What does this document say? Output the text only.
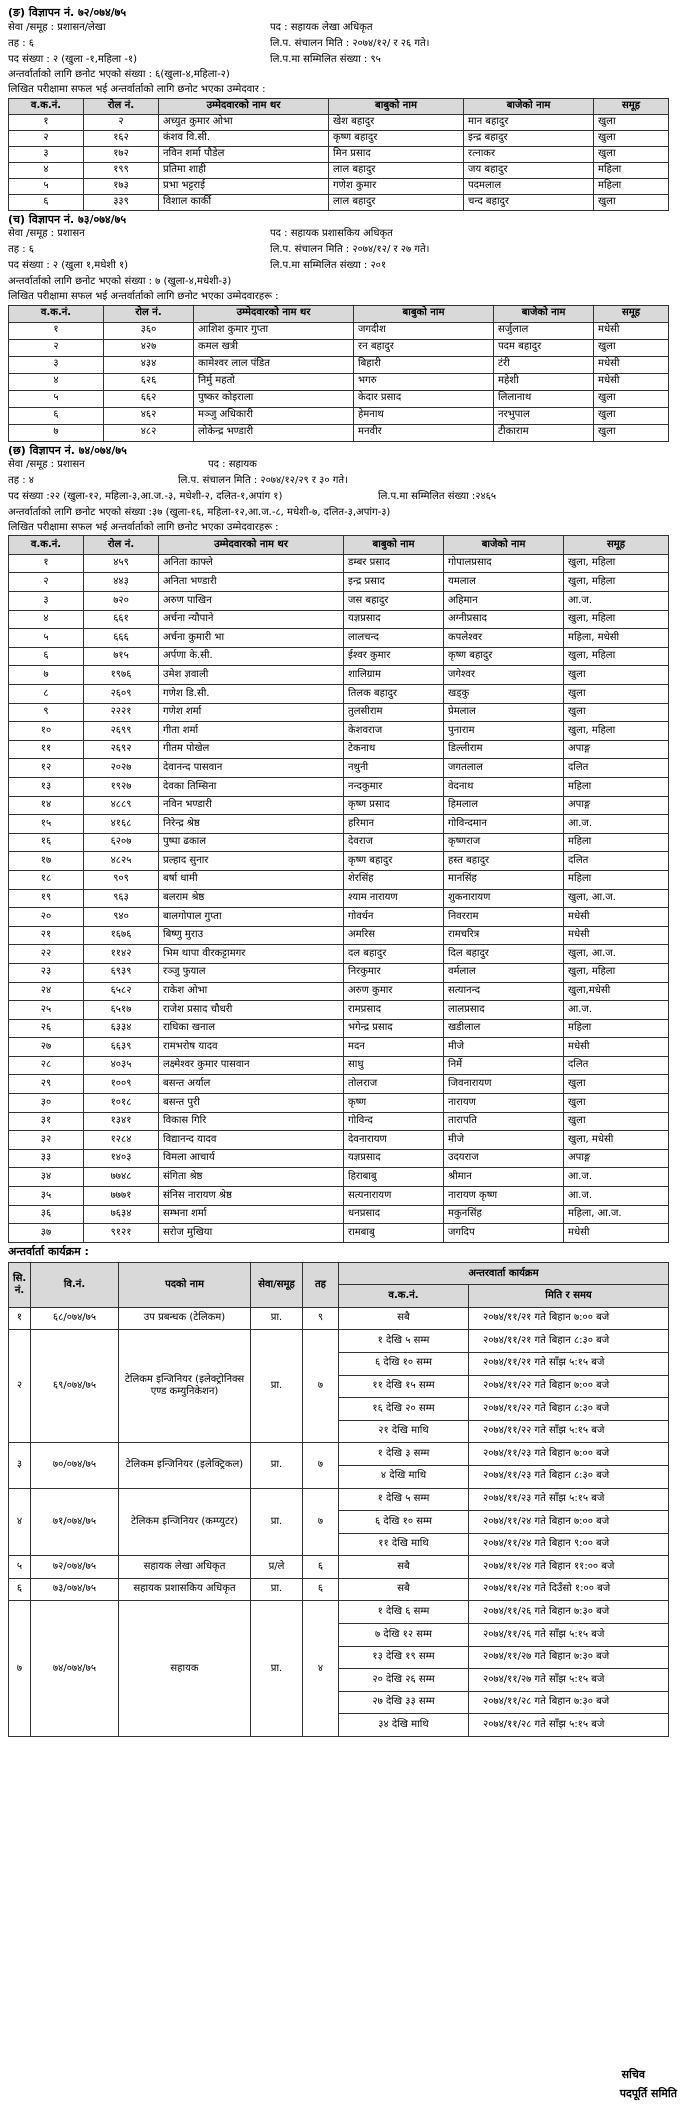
(ङ) विज्ञापन नं. ७२/०७४/७५
सेवा /समूह : प्रशासन/लेखा	पद : सहायक लेखा अधिकृत
तह : ६	लि.प. संचालन मिति : २०७४/१२/ र २६ गते।
पद संख्या : २ (खुला -१,महिला -१)	लि.प.मा सम्मिलित संख्या : ९५
अन्तर्वार्ताको लागि छनोट भएको संख्या : ६(खुला-४,महिला-२)
लिखित परीक्षामा सफल भई अन्तर्वार्ताको लागि छनोट भएका उम्मेदवार :
व.क.नं.	रोल नं.	उम्मेदवारको नाम थर	बाबुको नाम	बाजेको नाम	समूह
१	२	अच्युत कुमार ओभा	खेश बहादुर	मान बहादुर	खुला
२	१६२	कंशव वि.सी.	कृष्ण बहादुर	इन्द्र बहादुर	खुला
३	१७२	नविन शर्मा पौडेल	मिन प्रसाद	रत्नाकर	खुला
४	१९९	प्रतिमा शाही	लाल बहादुर	जय बहादुर	महिला
५	१७३	प्रभा भट्टराई	गणेश कुमार	पदमलाल	महिला
६	३३९	विशाल कार्की	लाल बहादुर	चन्द बहादुर	खुला
(च) विज्ञापन नं. ७३/०७४/७५
सेवा /समूह : प्रशासन	पद : सहायक प्रशासकिय अधिकृत
तह : ६	लि.प. संचालन मिति : २०७४/१२/ र २७ गते।
पद संख्या : २ (खुला १,मधेशी १)	लि.प.मा सम्मिलित संख्या : २०१
अन्तर्वार्ताको लागि छनोट भएको संख्या : ७ (खुला-४,मधेशी-३)
लिखित परीक्षामा सफल भई अन्तर्वार्ताको लागि छनोट भएका उम्मेदवारहरू :
व.क.नं.	रोल नं.	उम्मेदवारको नाम थर	बाबुको नाम	बाजेको नाम	समूह
१	३६०	आशिश कुमार गुप्ता	जगदीश	सर्जुलाल	मधेसी
२	४२७	कमल खत्री	रन बहादुर	पदम बहादुर	खुला
३	४३४	कामेश्वर लाल पंडित	बिहारी	टंरी	मधेसी
४	६२६	निर्मु महतो	भगरु	महेशी	मधेसी
५	६६२	पुष्कर कोइराला	केदार प्रसाद	लिलानाथ	खुला
६	४६२	मञ्जु अधिकारी	हेमनाथ	नरभुपाल	खुला
७	४८२	लोकेन्द्र भण्डारी	मनवीर	टीकाराम	खुला
(छ) विज्ञापन नं. ७४/०७४/७५
सेवा /समूह : प्रशासन	पद : सहायक
तह : ४	लि.प. संचालन मिति : २०७४/१२/२९ र ३० गते।
पद संख्या :२२ (खुला-१२, महिला-३,आ.ज.-३, मधेशी-२, दलित-१,अपांग १)	लि.प.मा सम्मिलित संख्या :२४६५
अन्तर्वार्ताको लागि छनोट भएको संख्या :३७ (खुला-१६, महिला-१२,आ.ज.-८, मधेशी-७, दलित-३,अपांग-३)
लिखित परीक्षामा सफल भई अन्तर्वार्ताको लागि छनोट भएका उम्मेदवारहरू :
व.क.नं.	रोल नं.	उम्मेदवारको नाम थर	बाबुको नाम	बाजेको नाम	समूह
१	४५९	अनिता काफ्ले	डम्बर प्रसाद	गोपालप्रसाद	खुला, महिला
२	४४३	अनिता भण्डारी	इन्द्र प्रसाद	यमलाल	खुला, महिला
३	७२०	अरुण पाखिन	जस बहादुर	अहिमान	आ.ज.
४	६६१	अर्चना न्यौपाने	यज्ञप्रसाद	अग्नीप्रसाद	खुला, महिला
५	६६६	अर्चना कुमारी भा	लालचन्द	कपलेश्वर	महिला, मधेसी
६	७१५	अर्पणा के.सी.	ईश्वर कुमार	कृष्ण बहादुर	खुला, महिला
७	१९७६	उमेश ज्ञवाली	शालिग्राम	जगेश्वर	खुला
८	२६०९	गणेश डि.सी.	तिलक बहादुर	खड्कु	खुला
९	२२२१	गणेश शर्मा	तुलसीराम	प्रेमलाल	खुला
१०	२६९९	गीता शर्मा	केशवराज	पुनाराम	खुला, महिला
११	२६९२	गीतम पोखेल	टेकनाथ	डिल्लीराम	अपाङ्ग
१२	२०२७	देवानन्द पासवान	नथुनी	जगतलाल	दलित
१३	१९२७	देवका तिम्सिना	नन्दकुमार	वेदनाथ	महिला
१४	४८८९	नविन भण्डारी	कृष्ण प्रसाद	हिमलाल	अपाङ्ग
१५	४१६८	निरेन्द्र श्रेष्ठ	हरिमान	गोविन्दमान	आ.ज.
१६	६२०७	पुष्पा ढकाल	देवराज	कृष्णराज	महिला
१७	४८२५	प्रल्हाद सुनार	कृष्ण बहादुर	हस्त बहादुर	दलित
१८	९०९	बर्षा धामी	शेरसिंह	मानसिंह	महिला
१९	९६३	बलराम श्रेष्ठ	श्याम नारायण	शुकनारायण	खुला, आ.ज.
२०	९४०	बालगोपाल गुप्ता	गोवर्धन	निवरराम	मधेसी
२१	१६७६	बिष्णु मुराउ	अमरिस	रामचरित्र	मधेसी
२२	११४२	भिम थापा वीरकट्टामगर	दल बहादुर	दिल बहादुर	खुला, आ.ज.
२३	६९३९	रञ्जु फुयाल	निरकुमार	वर्मलाल	खुला, महिला
२४	६५८२	राकेश ओभा	अरुण कुमार	सत्यानन्द	खुला,मधेसी
२५	६५१७	राजेश प्रसाद चौधरी	रामप्रसाद	लालप्रसाद	आ.ज.
२६	६३३४	राधिका खनाल	भगेन्द्र प्रसाद	खडीलाल	महिला
२७	६६३९	रामभरोष यादव	मदन	मीजे	मधेसी
२८	४०३५	लक्ष्मेश्वर कुमार पासवान	साधु	निर्मे	दलित
२९	१००९	बसन्त अर्याल	तोलराज	जिवनारायण	खुला
३०	१०१८	बसन्त पुरी	कृष्ण	नारायण	खुला
३१	१३४१	विकास गिरि	गोविन्द	तारापति	खुला
३२	१२८४	विद्यानन्द यादव	देवनारायण	मीजे	खुला, मधेसी
३३	१४०३	विमला आचार्य	यज्ञप्रसाद	उदयराज	अपाङ्ग
३४	७७४८	संगिता श्रेष्ठ	हिराबाबु	श्रीमान	आ.ज.
३५	७७७१	संनिस नारायण श्रेष्ठ	सत्यनारायण	नारायण कृष्ण	आ.ज.
३६	७६३४	सम्भना शर्मा	धनप्रसाद	मकुनसिंह	महिला, आ.ज.
३७	९१२१	सरोज मुखिया	रामबाबु	जगदिप	मधेसी
अन्तर्वार्ता कार्यक्रम :
सि. नं.	वि.नं.	पदको नाम	सेवा/समूह	तह	अन्तरवार्ता कार्यक्रम	
					व.क.नं.	मिति र समय
१	६८/०७४/७५	उप प्रबन्धक (टेलिकम)	प्रा.	९	सबै	२०७४/११/२१ गते बिहान ७:०० बजे
२	६९/०७४/७५	टेलिकम इन्जिनियर (इलेक्ट्रोनिक्स एण्ड कम्युनिकेशन)	प्रा.	७	१ देखि ५ सम्म	२०७४/११/२१ गते बिहान ८:३० बजे
					६ देखि १० सम्म	२०७४/११/२१ गते साँझ ५:१५ बजे
					११ देखि १५ सम्म	२०७४/११/२२ गते बिहान ७:०० बजे
					१६ देखि २० सम्म	२०७४/११/२२ गते बिहान ८:३० बजे
					२१ देखि माथि	२०७४/११/२२ गते साँझ ५:१५ बजे
३	७०/०७४/७५	टेलिकम इन्जिनियर (इलेक्ट्रिकल)	प्रा.	७	१ देखि ३ सम्म	२०७४/११/२३ गते बिहान ७:०० बजे
					४ देखि माथि	२०७४/११/२३ गते बिहान ८:३० बजे
४	७१/०७४/७५	टेलिकम इन्जिनियर (कम्प्युटर)	प्रा.	७	१ देखि ५ सम्म	२०७४/११/२३ गते साँझ ५:१५ बजे
					६ देखि १० सम्म	२०७४/११/२४ गते बिहान ७:०० बजे
					११ देखि माथि	२०७४/११/२४ गते बिहान ९:०० बजे
५	७२/०७४/७५	सहायक लेखा अधिकृत	प्र/ले	६	सबै	२०७४/११/२४ गते बिहान ११:०० बजे
६	७३/०७४/७५	सहायक प्रशासकिय अधिकृत	प्रा.	६	सबै	२०७४/११/२४ गते दिउँसो १:०० बजे
७	७४/०७४/७५	सहायक	प्रा.	४	१ देखि ६ सम्म	२०७४/११/२६ गते बिहान ७:३० बजे
					७ देखि १२ सम्म	२०७४/११/२६ गते साँझ ५:१५ बजे
					१३ देखि १९ सम्म	२०७४/११/२७ गते बिहान ७:३० बजे
					२० देखि २६ सम्म	२०७४/११/२७ गते साँझ ५:१५ बजे
					२७ देखि ३३ सम्म	२०७४/११/२८ गते बिहान ७:३० बजे
					३४ देखि माथि	२०७४/११/२८ गते साँझ ५:१५ बजे
सचिव
पदपूर्ति समिति
